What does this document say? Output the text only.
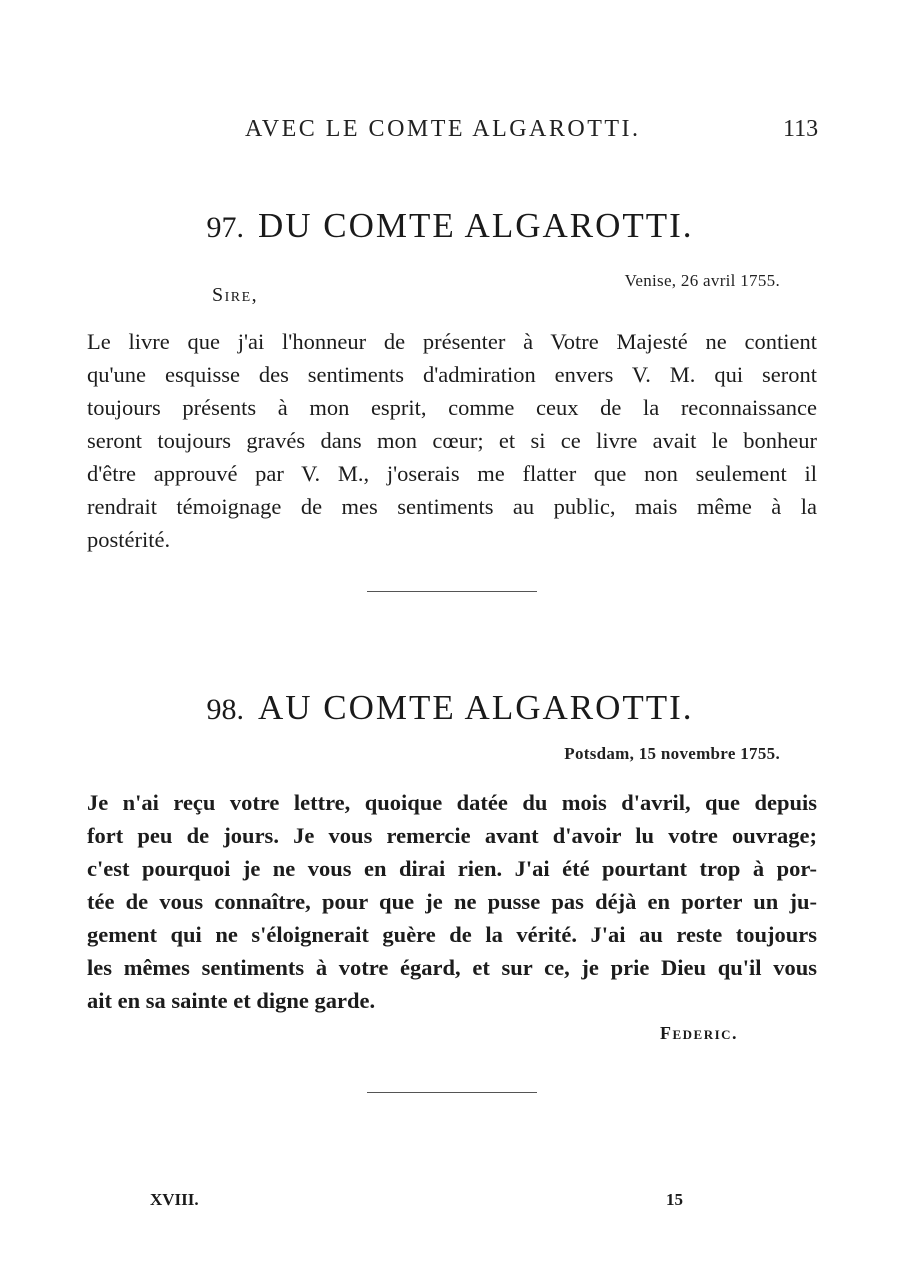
AVEC LE COMTE ALGAROTTI.	113
97. DU COMTE ALGAROTTI.
Venise, 26 avril 1755.
Sire,
Le livre que j'ai l'honneur de présenter à Votre Majesté ne contient
qu'une esquisse des sentiments d'admiration envers V. M. qui seront
toujours présents à mon esprit, comme ceux de la reconnaissance
seront toujours gravés dans mon cœur; et si ce livre avait le bonheur
d'être approuvé par V. M., j'oserais me flatter que non seulement il
rendrait témoignage de mes sentiments au public, mais même à la
postérité.
98. AU COMTE ALGAROTTI.
Potsdam, 15 novembre 1755.
Je n'ai reçu votre lettre, quoique datée du mois d'avril, que depuis
fort peu de jours. Je vous remercie avant d'avoir lu votre ouvrage;
c'est pourquoi je ne vous en dirai rien. J'ai été pourtant trop à por-
tée de vous connaître, pour que je ne pusse pas déjà en porter un ju-
gement qui ne s'éloignerait guère de la vérité. J'ai au reste toujours
les mêmes sentiments à votre égard, et sur ce, je prie Dieu qu'il vous
ait en sa sainte et digne garde.
Federic.
XVIII.	15
